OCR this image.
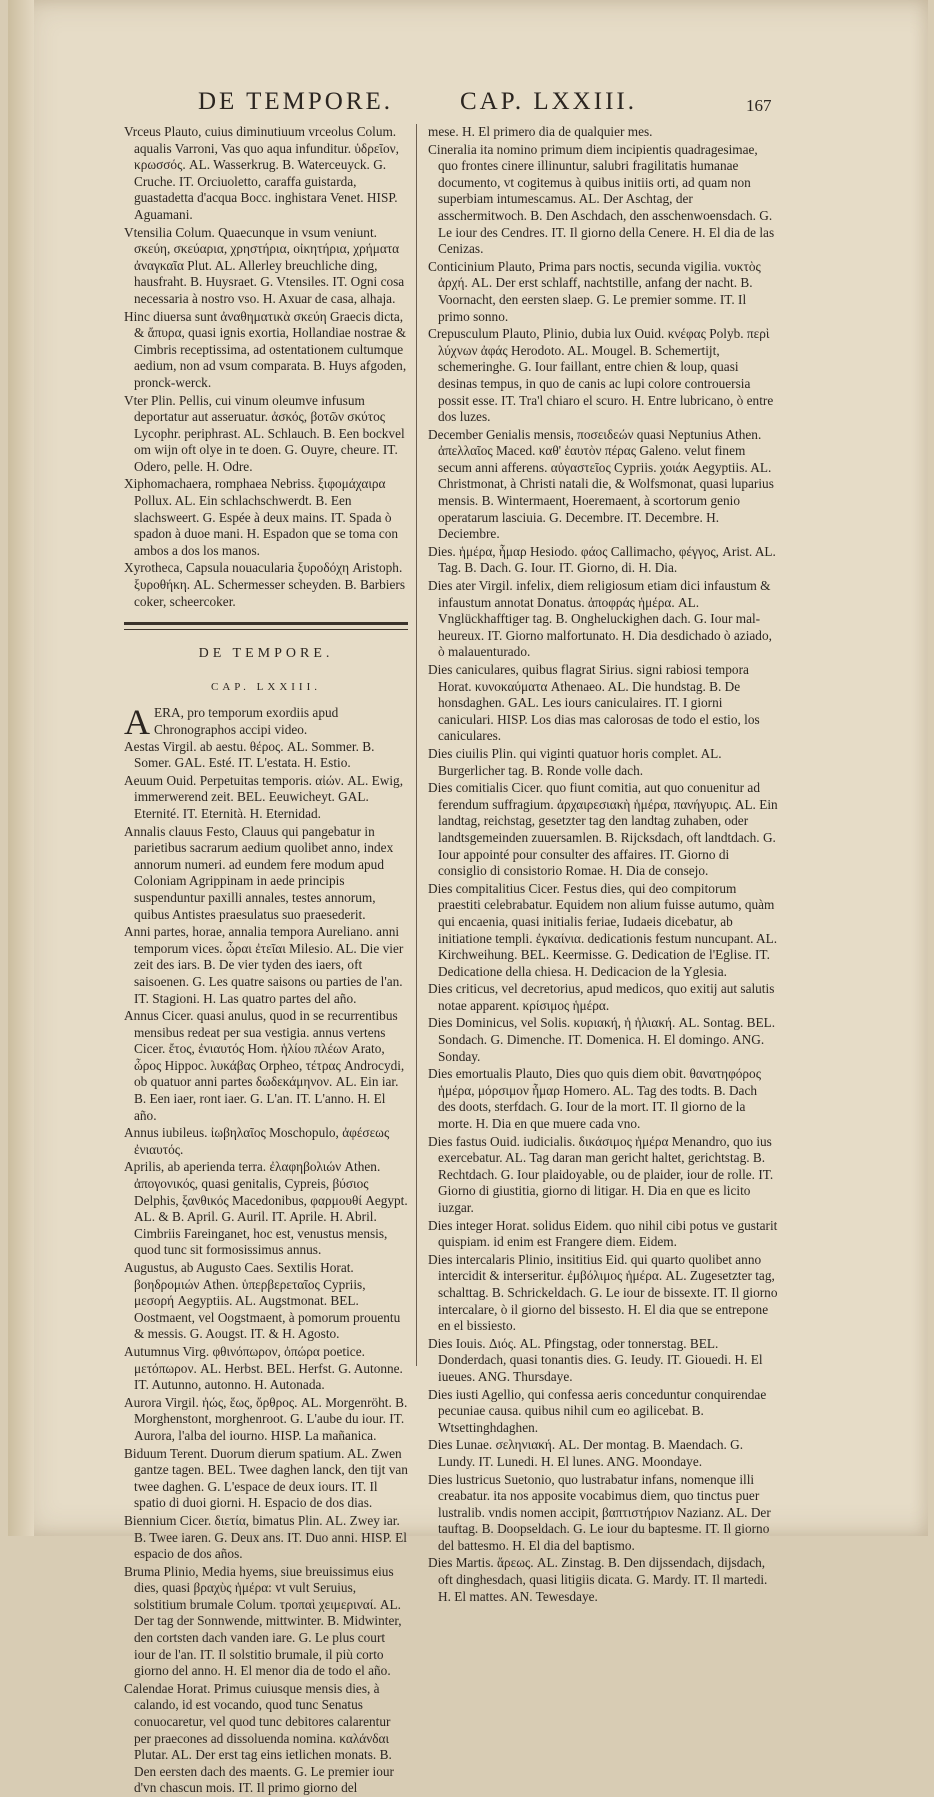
DE TEMPORE.	CAP. LXXIII.	167

Vrceus Plauto, cuius diminutiuum vrceolus Colum. aqualis Varroni, Vas quo aqua infunditur. ὑδρεῖον, κρωσσός. AL. Wasserkrug. B. Waterceuyck. G. Cruche. IT. Orciuoletto, caraffa guistarda, guastadetta d'acqua Bocc. inghistara Venet. HISP. Aguamani.

Vtensilia Colum. Quaecunque in vsum veniunt. σκεύη, σκεύαρια, χρηστήρια, οἰκητήρια, χρήματα ἀναγκαῖα Plut. AL. Allerley breuchliche ding, hausfraht. B. Huysraet. G. Vtensiles. IT. Ogni cosa necessaria à nostro vso. H. Axuar de casa, alhaja.

Hinc diuersa sunt ἀναθηματικὰ σκεύη Graecis dicta, & ἄπυρα, quasi ignis exortia, Hollandiae nostrae & Cimbris receptissima, ad ostentationem cultumque aedium, non ad vsum comparata. B. Huys afgoden, pronck-werck.

Vter Plin. Pellis, cui vinum oleumve infusum deportatur aut asseruatur. ἀσκός, βοτῶν σκύτος Lycophr. periphrast. AL. Schlauch. B. Een bockvel om wijn oft olye in te doen. G. Ouyre, cheure. IT. Odero, pelle. H. Odre.

Xiphomachaera, romphaea Nebriss. ξιφομάχαιρα Pollux. AL. Ein schlachschwerdt. B. Een slachsweert. G. Espée à deux mains. IT. Spada ò spadon à duoe mani. H. Espadon que se toma con ambos a dos los manos.

Xyrotheca, Capsula nouacularia ξυροδόχη Aristoph. ξυροθήκη. AL. Schermesser scheyden. B. Barbiers coker, scheercoker.

DE TEMPORE.
CAP. LXXIII.

A ERA, pro temporum exordiis apud Chronographos accipi video.

Aestas Virgil. ab aestu. θέρος. AL. Sommer. B. Somer. GAL. Esté. IT. L'estata. H. Estio.

Aeuum Ouid. Perpetuitas temporis. αἰών. AL. Ewig, immerwerend zeit. BEL. Eeuwicheyt. GAL. Eternité. IT. Eternità. H. Eternidad.

Annalis clauus Festo, Clauus qui pangebatur in parietibus sacrarum aedium quolibet anno, index annorum numeri. ad eundem fere modum apud Coloniam Agrippinam in aede principis suspenduntur paxilli annales, testes annorum, quibus Antistes praesulatus suo praesederit.

Anni partes, horae, annalia tempora Aureliano. anni temporum vices. ὧραι ἐτεῖαι Milesio. AL. Die vier zeit des iars. B. De vier tyden des iaers, oft saisoenen. G. Les quatre saisons ou parties de l'an. IT. Stagioni. H. Las quatro partes del año.

Annus Cicer. quasi anulus, quod in se recurrentibus mensibus redeat per sua vestigia. annus vertens Cicer. ἔτος, ἐνιαυτός Hom. ἡλίου πλέων Arato, ὧρος Hippoc. λυκάβας Orpheo, τέτρας Androcydi, ob quatuor anni partes δωδεκάμηνον. AL. Ein iar. B. Een iaer, ront iaer. G. L'an. IT. L'anno. H. El año.

Annus iubileus. ἰωβηλαῖος Moschopulo, ἀφέσεως ἐνιαυτός.

Aprilis, ab aperienda terra. ἐλαφηβολιών Athen. ἀπογονικός, quasi genitalis, Cypreis, βύσιος Delphis, ξανθικός Macedonibus, φαρμουθί Aegypt. AL. & B. April. G. Auril. IT. Aprile. H. Abril. Cimbriis Fareinganet, hoc est, venustus mensis, quod tunc sit formosissimus annus.

Augustus, ab Augusto Caes. Sextilis Horat. βοηδρομιών Athen. ὑπερβερεταῖος Cypriis, μεσορή Aegyptiis. AL. Augstmonat. BEL. Oostmaent, vel Oogstmaent, à pomorum prouentu & messis. G. Aougst. IT. & H. Agosto.

Autumnus Virg. φθινόπωρον, ὀπώρα poetice. μετόπωρον. AL. Herbst. BEL. Herfst. G. Autonne. IT. Autunno, autonno. H. Autonada.

Aurora Virgil. ἠώς, ἕως, ὄρθρος. AL. Morgenröht. B. Morghenstont, morghenroot. G. L'aube du iour. IT. Aurora, l'alba del iourno. HISP. La mañanica.

Biduum Terent. Duorum dierum spatium. AL. Zwen gantze tagen. BEL. Twee daghen lanck, den tijt van twee daghen. G. L'espace de deux iours. IT. Il spatio di duoi giorni. H. Espacio de dos dias.

Biennium Cicer. διετία, bimatus Plin. AL. Zwey iar. B. Twee iaren. G. Deux ans. IT. Duo anni. HISP. El espacio de dos años.

Bruma Plinio, Media hyems, siue breuissimus eius dies, quasi βραχὺς ἡμέρα: vt vult Seruius, solstitium brumale Colum. τροπαὶ χειμεριναί. AL. Der tag der Sonnwende, mittwinter. B. Midwinter, den cortsten dach vanden iare. G. Le plus court iour de l'an. IT. Il solstitio brumale, il più corto giorno del anno. H. El menor dia de todo el año.

Calendae Horat. Primus cuiusque mensis dies, à calando, id est vocando, quod tunc Senatus conuocaretur, vel quod tunc debitores calarentur per praecones ad dissoluenda nomina. καλάνδαι Plutar. AL. Der erst tag eins ietlichen monats. B. Den eersten dach des maents. G. Le premier iour d'vn chascun mois. IT. Il primo giorno del

mese. H. El primero dia de qualquier mes.

Cineralia ita nomino primum diem incipientis quadragesimae, quo frontes cinere illinuntur, salubri fragilitatis humanae documento, vt cogitemus à quibus initiis orti, ad quam non superbiam intumescamus. AL. Der Aschtag, der asschermitwoch. B. Den Aschdach, den asschenwoensdach. G. Le iour des Cendres. IT. Il giorno della Cenere. H. El dia de las Cenizas.

Conticinium Plauto, Prima pars noctis, secunda vigilia. νυκτὸς ἀρχή. AL. Der erst schlaff, nachtstille, anfang der nacht. B. Voornacht, den eersten slaep. G. Le premier somme. IT. Il primo sonno.

Crepusculum Plauto, Plinio, dubia lux Ouid. κνέφας Polyb. περὶ λύχνων ἀφάς Herodoto. AL. Mougel. B. Schemertijt, schemeringhe. G. Iour faillant, entre chien & loup, quasi desinas tempus, in quo de canis ac lupi colore controuersia possit esse. IT. Tra'l chiaro el scuro. H. Entre lubricano, ò entre dos luzes.

December Genialis mensis, ποσειδεών quasi Neptunius Athen. ἀπελλαῖος Maced. καθ' ἑαυτὸν πέρας Galeno. velut finem secum anni afferens. αὐγαστεῖος Cypriis. χοιάκ Aegyptiis. AL. Christmonat, à Christi natali die, & Wolfsmonat, quasi luparius mensis. B. Wintermaent, Hoeremaent, à scortorum genio operatarum lasciuia. G. Decembre. IT. Decembre. H. Deciembre.

Dies. ἡμέρα, ἦμαρ Hesiodo. φάος Callimacho, φέγγος, Arist. AL. Tag. B. Dach. G. Iour. IT. Giorno, di. H. Dia.

Dies ater Virgil. infelix, diem religiosum etiam dici infaustum & infaustum annotat Donatus. ἀποφράς ἡμέρα. AL. Vnglückhafftiger tag. B. Ongheluckighen dach. G. Iour mal-heureux. IT. Giorno malfortunato. H. Dia desdichado ò aziado, ò malauenturado.

Dies caniculares, quibus flagrat Sirius. signi rabiosi tempora Horat. κυνοκαύματα Athenaeo. AL. Die hundstag. B. De honsdaghen. GAL. Les iours caniculaires. IT. I giorni caniculari. HISP. Los dias mas calorosas de todo el estio, los caniculares.

Dies ciuilis Plin. qui viginti quatuor horis complet. AL. Burgerlicher tag. B. Ronde volle dach.

Dies comitialis Cicer. quo fiunt comitia, aut quo conuenitur ad ferendum suffragium. ἀρχαιρεσιακὴ ἡμέρα, πανήγυρις. AL. Ein landtag, reichstag, gesetzter tag den landtag zuhaben, oder landtsgemeinden zuuersamlen. B. Rijcksdach, oft landtdach. G. Iour appointé pour consulter des affaires. IT. Giorno di consiglio di consistorio Romae. H. Dia de consejo.

Dies compitalitius Cicer. Festus dies, qui deo compitorum praestiti celebrabatur. Equidem non alium fuisse autumo, quàm qui encaenia, quasi initialis feriae, Iudaeis dicebatur, ab initiatione templi. ἐγκαίνια. dedicationis festum nuncupant. AL. Kirchweihung. BEL. Keermisse. G. Dedication de l'Eglise. IT. Dedicatione della chiesa. H. Dedicacion de la Yglesia.

Dies criticus, vel decretorius, apud medicos, quo exitij aut salutis notae apparent. κρίσιμος ἡμέρα.

Dies Dominicus, vel Solis. κυριακή, ἡ ἡλιακή. AL. Sontag. BEL. Sondach. G. Dimenche. IT. Domenica. H. El domingo. ANG. Sonday.

Dies emortualis Plauto, Dies quo quis diem obit. θανατηφόρος ἡμέρα, μόρσιμον ἦμαρ Homero. AL. Tag des todts. B. Dach des doots, sterfdach. G. Iour de la mort. IT. Il giorno de la morte. H. Dia en que muere cada vno.

Dies fastus Ouid. iudicialis. δικάσιμος ἡμέρα Menandro, quo ius exercebatur. AL. Tag daran man gericht haltet, gerichtstag. B. Rechtdach. G. Iour plaidoyable, ou de plaider, iour de rolle. IT. Giorno di giustitia, giorno di litigar. H. Dia en que es licito iuzgar.

Dies integer Horat. solidus Eidem. quo nihil cibi potus ve gustarit quispiam. id enim est Frangere diem. Eidem.

Dies intercalaris Plinio, insititius Eid. qui quarto quolibet anno intercidit & interseritur. ἐμβόλιμος ἡμέρα. AL. Zugesetzter tag, schalttag. B. Schrickeldach. G. Le iour de bissexte. IT. Il giorno intercalare, ò il giorno del bissesto. H. El dia que se entrepone en el bissiesto.

Dies Iouis. Διός. AL. Pfingstag, oder tonnerstag. BEL. Donderdach, quasi tonantis dies. G. Ieudy. IT. Giouedi. H. El iueues. ANG. Thursdaye.

Dies iusti Agellio, qui confessa aeris conceduntur conquirendae pecuniae causa. quibus nihil cum eo agilicebat. B. Wtsettinghdaghen.

Dies Lunae. σεληνιακή. AL. Der montag. B. Maendach. G. Lundy. IT. Lunedi. H. El lunes. ANG. Moondaye.

Dies lustricus Suetonio, quo lustrabatur infans, nomenque illi creabatur. ita nos apposite vocabimus diem, quo tinctus puer lustralib. vndis nomen accipit, βαπτιστήριον Nazianz. AL. Der tauftag. B. Doopseldach. G. Le iour du baptesme. IT. Il giorno del battesmo. H. El dia del baptismo.

Dies Martis. ἄρεως. AL. Zinstag. B. Den dijssendach, dijsdach, oft dinghesdach, quasi litigiis dicata. G. Mardy. IT. Il martedi. H. El mattes. AN. Tewesdaye.
